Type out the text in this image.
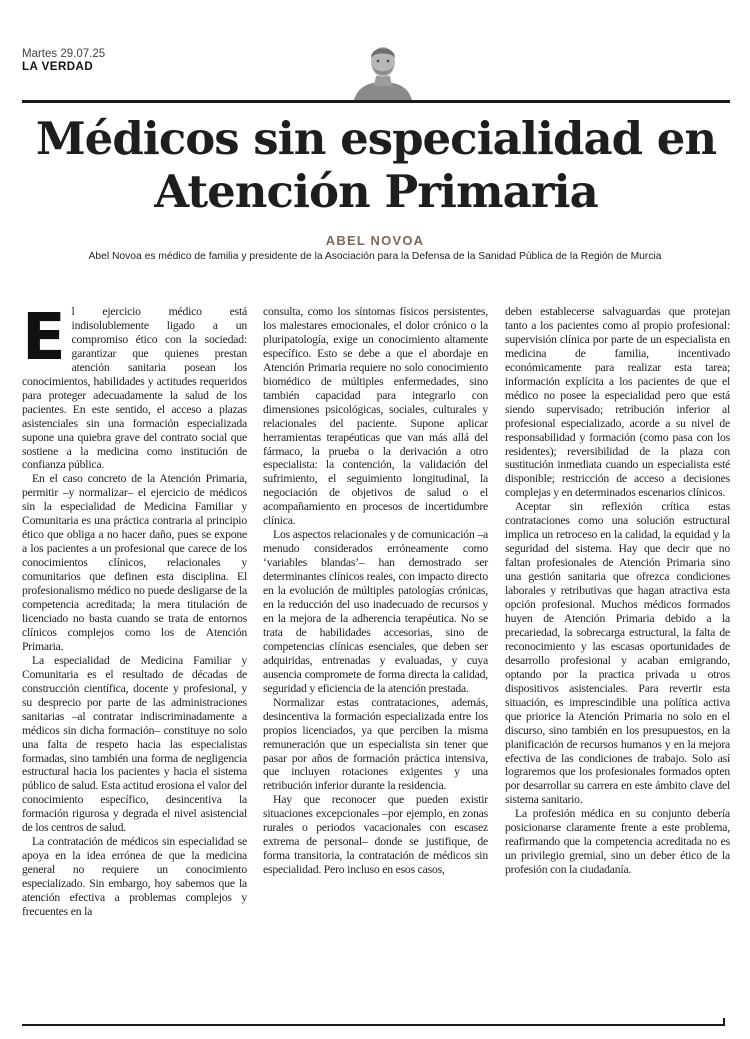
Martes 29.07.25
LA VERDAD
Médicos sin especialidad en
Atención Primaria
ABEL NOVOA
Abel Novoa es médico de familia y presidente de la Asociación para la Defensa de la Sanidad Pública de la Región de Murcia

El ejercicio médico está indisolublemente ligado a un compromiso ético con la sociedad: garantizar que quienes prestan atención sanitaria posean los conocimientos, habilidades y actitudes requeridos para proteger adecuadamente la salud de los pacientes. En este sentido, el acceso a plazas asistenciales sin una formación especializada supone una quiebra grave del contrato social que sostiene a la medicina como institución de confianza pública.

En el caso concreto de la Atención Primaria, permitir –y normalizar– el ejercicio de médicos sin la especialidad de Medicina Familiar y Comunitaria es una práctica contraria al principio ético que obliga a no hacer daño, pues se expone a los pacientes a un profesional que carece de los conocimientos clínicos, relacionales y comunitarios que definen esta disciplina. El profesionalismo médico no puede desligarse de la competencia acreditada; la mera titulación de licenciado no basta cuando se trata de entornos clínicos complejos como los de Atención Primaria.

La especialidad de Medicina Familiar y Comunitaria es el resultado de décadas de construcción científica, docente y profesional, y su desprecio por parte de las administraciones sanitarias –al contratar indiscriminadamente a médicos sin dicha formación– constituye no solo una falta de respeto hacia las especialistas formadas, sino también una forma de negligencia estructural hacia los pacientes y hacia el sistema público de salud. Esta actitud erosiona el valor del conocimiento específico, desincentiva la formación rigurosa y degrada el nivel asistencial de los centros de salud.

La contratación de médicos sin especialidad se apoya en la idea errónea de que la medicina general no requiere un conocimiento especializado. Sin embargo, hoy sabemos que la atención efectiva a problemas complejos y frecuentes en la

consulta, como los síntomas físicos persistentes, los malestares emocionales, el dolor crónico o la pluripatología, exige un conocimiento altamente específico. Esto se debe a que el abordaje en Atención Primaria requiere no solo conocimiento biomédico de múltiples enfermedades, sino también capacidad para integrarlo con dimensiones psicológicas, sociales, culturales y relacionales del paciente. Supone aplicar herramientas terapéuticas que van más allá del fármaco, la prueba o la derivación a otro especialista: la contención, la validación del sufrimiento, el seguimiento longitudinal, la negociación de objetivos de salud o el acompañamiento en procesos de incertidumbre clínica.

Los aspectos relacionales y de comunicación –a menudo considerados erróneamente como ‘variables blandas’– han demostrado ser determinantes clínicos reales, con impacto directo en la evolución de múltiples patologías crónicas, en la reducción del uso inadecuado de recursos y en la mejora de la adherencia terapéutica. No se trata de habilidades accesorias, sino de competencias clínicas esenciales, que deben ser adquiridas, entrenadas y evaluadas, y cuya ausencia compromete de forma directa la calidad, seguridad y eficiencia de la atención prestada.

Normalizar estas contrataciones, además, desincentiva la formación especializada entre los propios licenciados, ya que perciben la misma remuneración que un especialista sin tener que pasar por años de formación práctica intensiva, que incluyen rotaciones exigentes y una retribución inferior durante la residencia.

Hay que reconocer que pueden existir situaciones excepcionales –por ejemplo, en zonas rurales o periodos vacacionales con escasez extrema de personal– donde se justifique, de forma transitoria, la contratación de médicos sin especialidad. Pero incluso en esos casos,

deben establecerse salvaguardas que protejan tanto a los pacientes como al propio profesional: supervisión clínica por parte de un especialista en medicina de familia, incentivado económicamente para realizar esta tarea; información explícita a los pacientes de que el médico no posee la especialidad pero que está siendo supervisado; retribución inferior al profesional especializado, acorde a su nivel de responsabilidad y formación (como pasa con los residentes); reversibilidad de la plaza con sustitución inmediata cuando un especialista esté disponible; restricción de acceso a decisiones complejas y en determinados escenarios clínicos.

Aceptar sin reflexión crítica estas contrataciones como una solución estructural implica un retroceso en la calidad, la equidad y la seguridad del sistema. Hay que decir que no faltan profesionales de Atención Primaria sino una gestión sanitaria que ofrezca condiciones laborales y retributivas que hagan atractiva esta opción profesional. Muchos médicos formados huyen de Atención Primaria debido a la precariedad, la sobrecarga estructural, la falta de reconocimiento y las escasas oportunidades de desarrollo profesional y acaban emigrando, optando por la practica privada u otros dispositivos asistenciales. Para revertir esta situación, es imprescindible una política activa que priorice la Atención Primaria no solo en el discurso, sino también en los presupuestos, en la planificación de recursos humanos y en la mejora efectiva de las condiciones de trabajo. Solo así lograremos que los profesionales formados opten por desarrollar su carrera en este ámbito clave del sistema sanitario.

La profesión médica en su conjunto debería posicionarse claramente frente a este problema, reafirmando que la competencia acreditada no es un privilegio gremial, sino un deber ético de la profesión con la ciudadanía.
